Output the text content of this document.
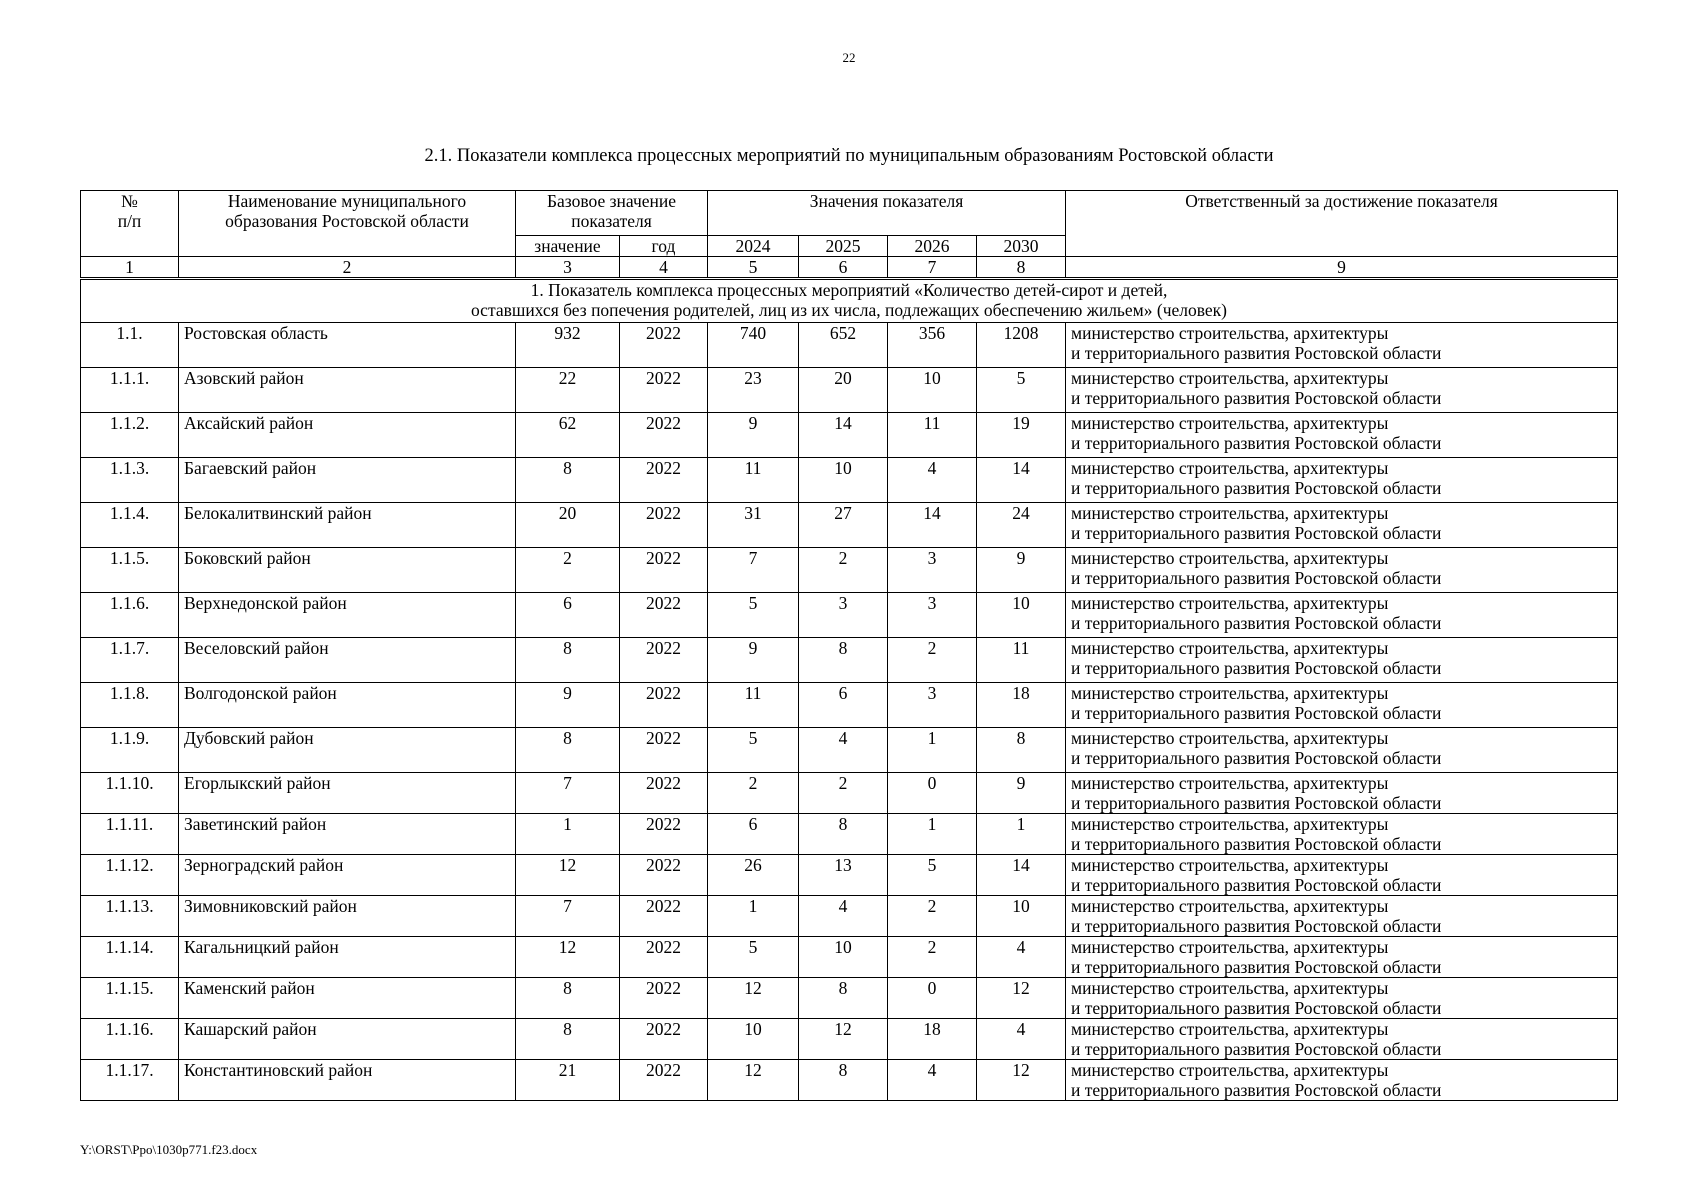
22
2.1. Показатели комплекса процессных мероприятий по муниципальным образованиям Ростовской области
№
п/п	Наименование муниципального образования Ростовской области	Базовое значение показателя		Значения показателя				Ответственный за достижение показателя
		значение	год	2024	2025	2026	2030	
1	2	3	4	5	6	7	8	9

1. Показатель комплекса процессных мероприятий «Количество детей-сирот и детей,
оставшихся без попечения родителей, лиц из их числа, подлежащих обеспечению жильем» (человек)								

1.1.	Ростовская область	932	2022	740	652	356	1208	министерство строительства, архитектуры
и территориального развития Ростовской области

1.1.1.	Азовский район	22	2022	23	20	10	5	министерство строительства, архитектуры
и территориального развития Ростовской области

1.1.2.	Аксайский район	62	2022	9	14	11	19	министерство строительства, архитектуры
и территориального развития Ростовской области

1.1.3.	Багаевский район	8	2022	11	10	4	14	министерство строительства, архитектуры
и территориального развития Ростовской области

1.1.4.	Белокалитвинский район	20	2022	31	27	14	24	министерство строительства, архитектуры
и территориального развития Ростовской области

1.1.5.	Боковский район	2	2022	7	2	3	9	министерство строительства, архитектуры
и территориального развития Ростовской области

1.1.6.	Верхнедонской район	6	2022	5	3	3	10	министерство строительства, архитектуры
и территориального развития Ростовской области

1.1.7.	Веселовский район	8	2022	9	8	2	11	министерство строительства, архитектуры
и территориального развития Ростовской области

1.1.8.	Волгодонской район	9	2022	11	6	3	18	министерство строительства, архитектуры
и территориального развития Ростовской области

1.1.9.	Дубовский район	8	2022	5	4	1	8	министерство строительства, архитектуры
и территориального развития Ростовской области

1.1.10.	Егорлыкский район	7	2022	2	2	0	9	министерство строительства, архитектуры
и территориального развития Ростовской области

1.1.11.	Заветинский район	1	2022	6	8	1	1	министерство строительства, архитектуры
и территориального развития Ростовской области

1.1.12.	Зерноградский район	12	2022	26	13	5	14	министерство строительства, архитектуры
и территориального развития Ростовской области

1.1.13.	Зимовниковский район	7	2022	1	4	2	10	министерство строительства, архитектуры
и территориального развития Ростовской области

1.1.14.	Кагальницкий район	12	2022	5	10	2	4	министерство строительства, архитектуры
и территориального развития Ростовской области

1.1.15.	Каменский район	8	2022	12	8	0	12	министерство строительства, архитектуры
и территориального развития Ростовской области

1.1.16.	Кашарский район	8	2022	10	12	18	4	министерство строительства, архитектуры
и территориального развития Ростовской области

1.1.17.	Константиновский район	21	2022	12	8	4	12	министерство строительства, архитектуры
и территориального развития Ростовской области
Y:\ORST\Ppo\1030p771.f23.docx
